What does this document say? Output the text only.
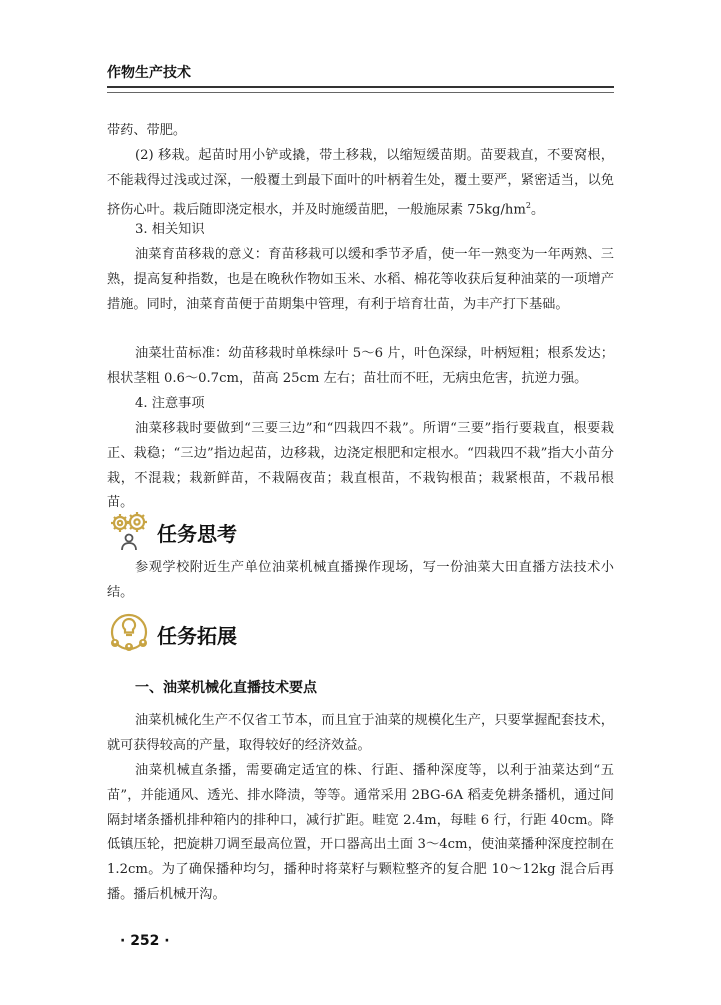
作物生产技术
带药、带肥。
(2) 移栽。起苗时用小铲或撬，带土移栽，以缩短缓苗期。苗要栽直，不要窝根，不能栽得过浅或过深，一般覆土到最下面叶的叶柄着生处，覆土要严，紧密适当，以免挤伤心叶。栽后随即浇定根水，并及时施缓苗肥，一般施尿素 $75kg/hm^2$。
3. 相关知识
油菜育苗移栽的意义：育苗移栽可以缓和季节矛盾，使一年一熟变为一年两熟、三熟，提高复种指数，也是在晚秋作物如玉米、水稻、棉花等收获后复种油菜的一项增产措施。同时，油菜育苗便于苗期集中管理，有利于培育壮苗，为丰产打下基础。
油菜壮苗标准：幼苗移栽时单株绿叶 5～6 片，叶色深绿，叶柄短粗；根系发达；根状茎粗 0.6～0.7cm，苗高 25cm 左右；苗壮而不旺，无病虫危害，抗逆力强。
4. 注意事项
油菜移栽时要做到“三要三边”和“四栽四不栽”。所谓“三要”指行要栽直，根要栽正、栽稳；“三边”指边起苗，边移栽，边浇定根肥和定根水。“四栽四不栽”指大小苗分栽，不混栽；栽新鲜苗，不栽隔夜苗；栽直根苗，不栽钩根苗；栽紧根苗，不栽吊根苗。
任务思考
参观学校附近生产单位油菜机械直播操作现场，写一份油菜大田直播方法技术小结。
任务拓展
一、油菜机械化直播技术要点
油菜机械化生产不仅省工节本，而且宜于油菜的规模化生产，只要掌握配套技术，就可获得较高的产量，取得较好的经济效益。
油菜机械直条播，需要确定适宜的株、行距、播种深度等，以利于油菜达到“五苗”，并能通风、透光、排水降渍，等等。通常采用 2BG-6A 稻麦免耕条播机，通过间隔封堵条播机排种箱内的排种口，减行扩距。畦宽 2.4m，每畦 6 行，行距 40cm。降低镇压轮，把旋耕刀调至最高位置，开口器高出土面 3～4cm，使油菜播种深度控制在 1.2cm。为了确保播种均匀，播种时将菜籽与颗粒整齐的复合肥 10～12kg 混合后再播。播后机械开沟。
· 252 ·
